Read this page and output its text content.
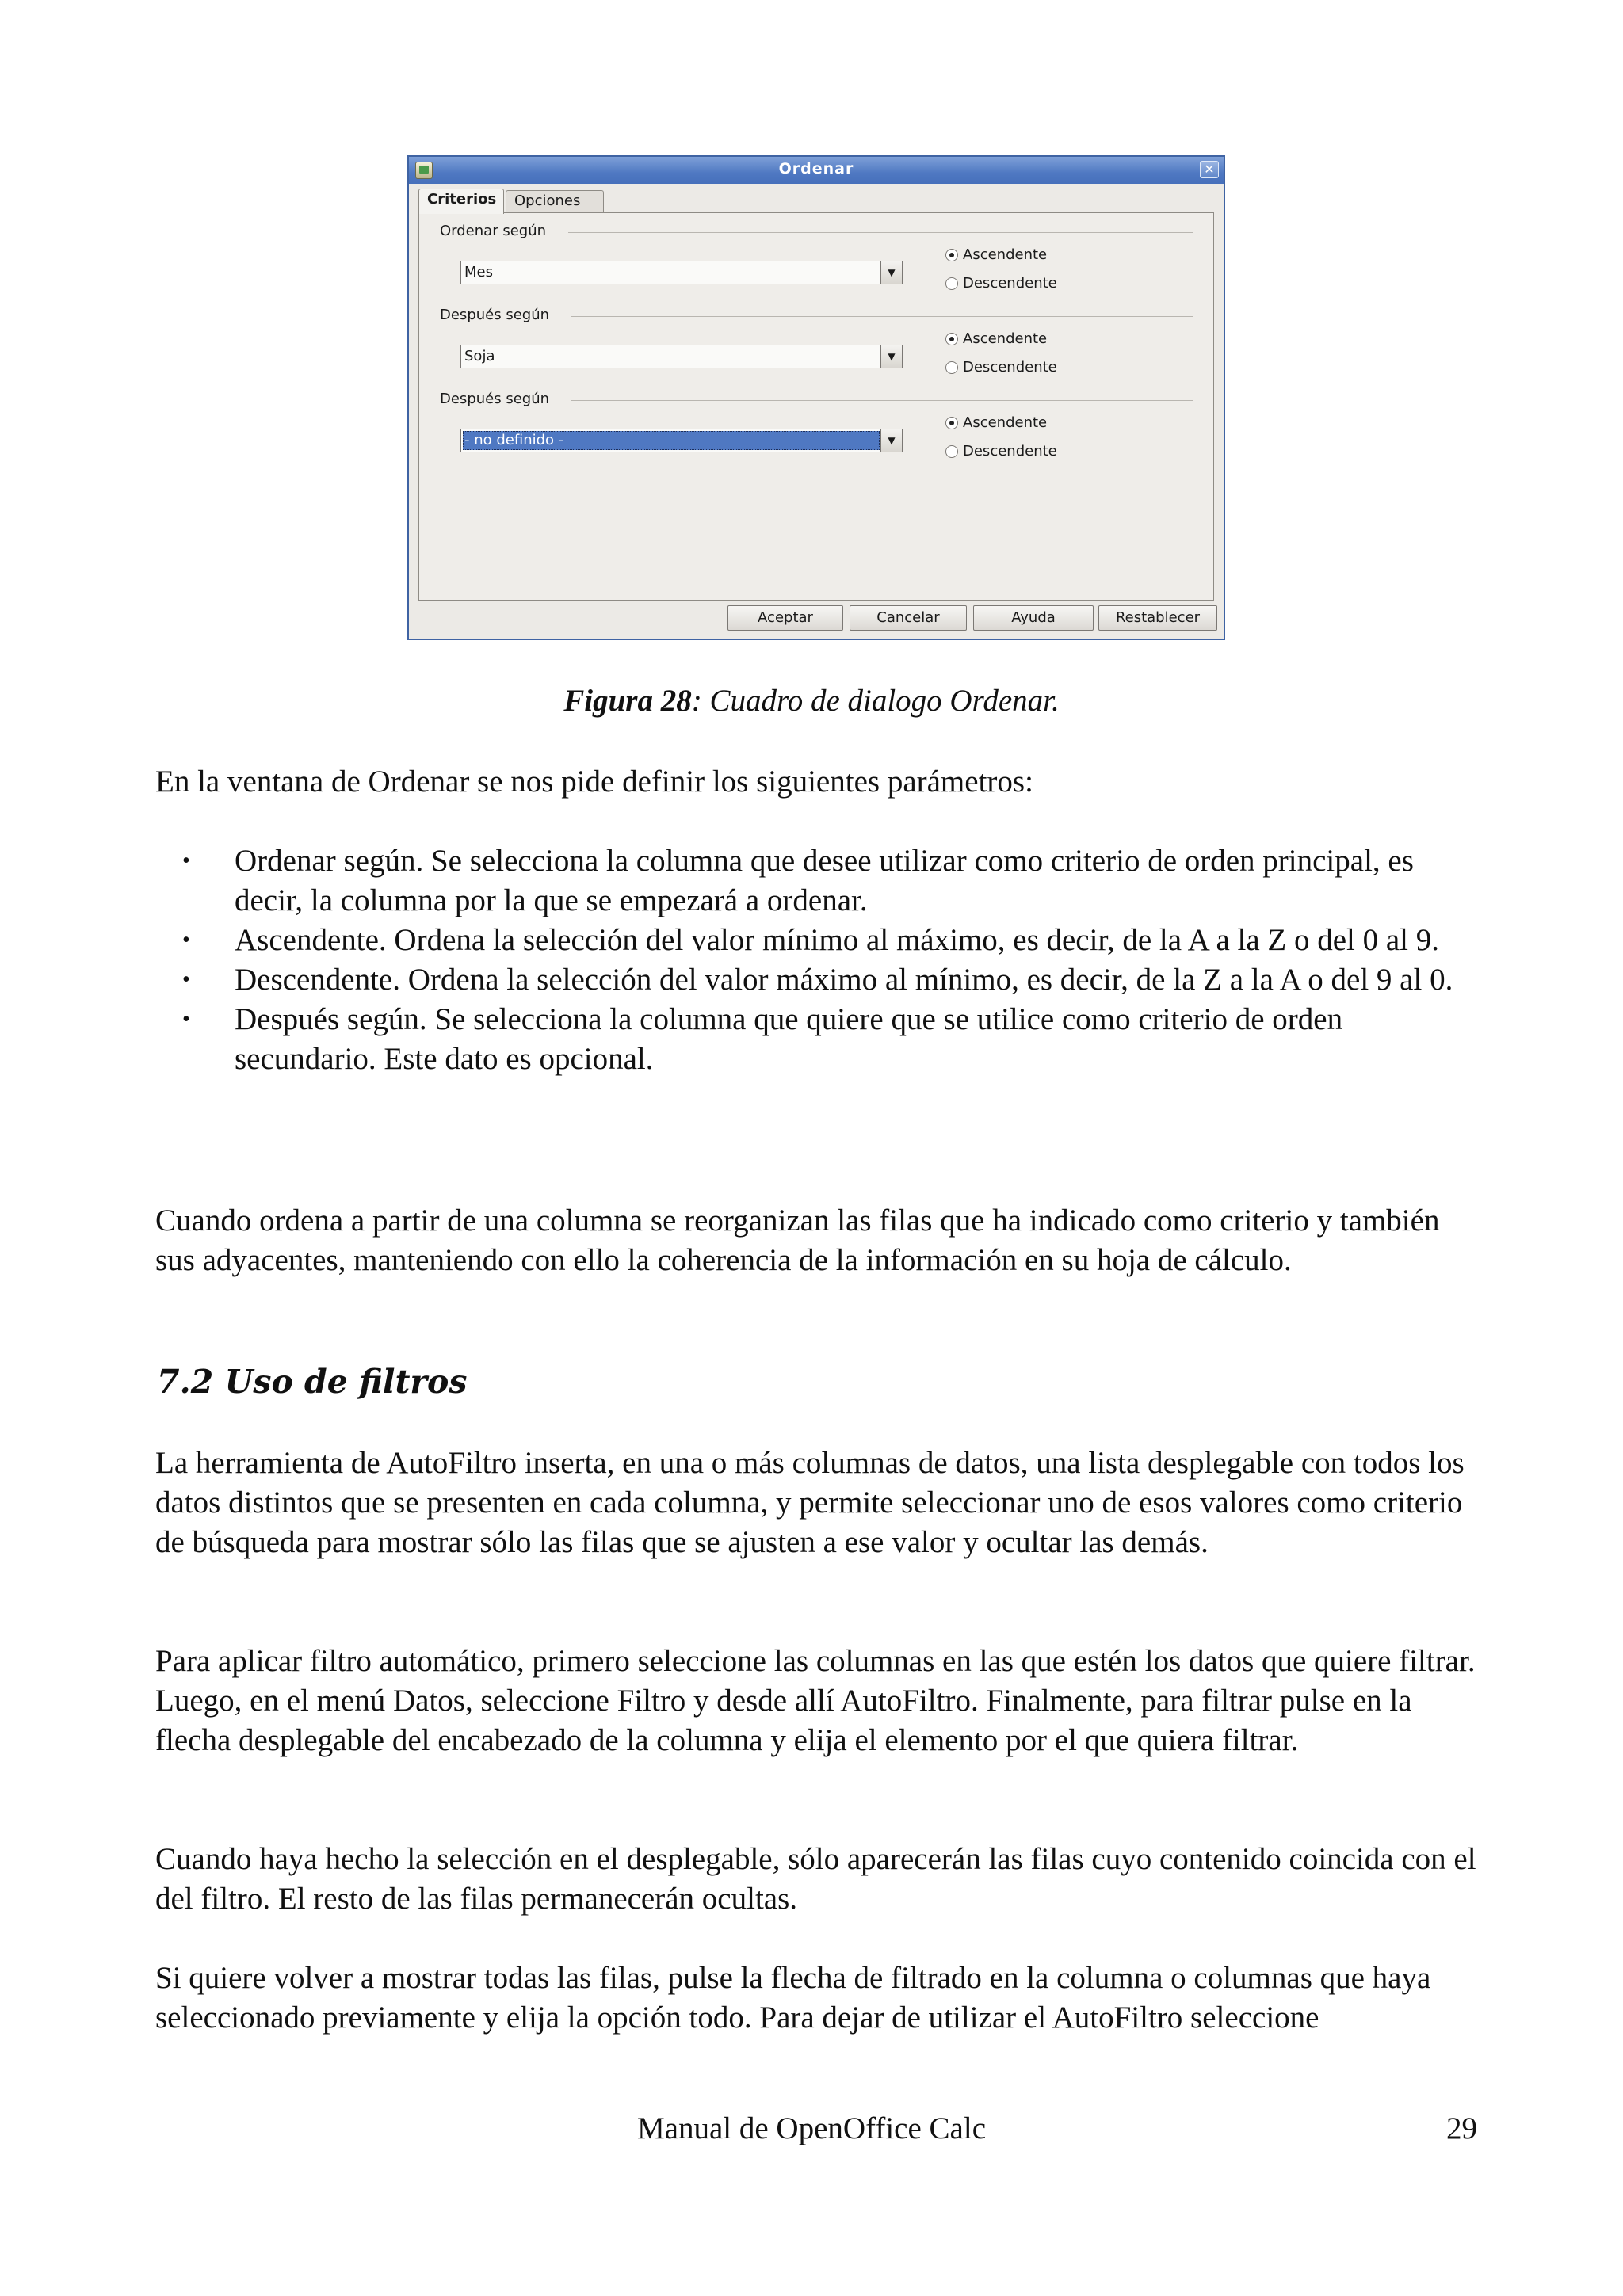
Ordenar	✕
Criterios	Opciones
Ordenar según
Mes	▼
Ascendente
Descendente
Después según
Soja	▼
Ascendente
Descendente
Después según
- no definido -	▼
Ascendente
Descendente
Aceptar	Cancelar	Ayuda	Restablecer
Figura 28: Cuadro de dialogo Ordenar.
En la ventana de Ordenar se nos pide definir los siguientes parámetros:
• Ordenar según. Se selecciona la columna que desee utilizar como criterio de orden principal, es decir, la columna por la que se empezará a ordenar.
• Ascendente. Ordena la selección del valor mínimo al máximo, es decir, de la A a la Z o del 0 al 9.
• Descendente. Ordena la selección del valor máximo al mínimo, es decir, de la Z a la A o del 9 al 0.
• Después según. Se selecciona la columna que quiere que se utilice como criterio de orden secundario. Este dato es opcional.
Cuando ordena a partir de una columna se reorganizan las filas que ha indicado como criterio y también sus adyacentes, manteniendo con ello la coherencia de la información en su hoja de cálculo.
7.2 Uso de filtros
La herramienta de AutoFiltro inserta, en una o más columnas de datos, una lista desplegable con todos los datos distintos que se presenten en cada columna, y permite seleccionar uno de esos valores como criterio de búsqueda para mostrar sólo las filas que se ajusten a ese valor y ocultar las demás.
Para aplicar filtro automático, primero seleccione las columnas en las que estén los datos que quiere filtrar. Luego, en el menú Datos, seleccione Filtro y desde allí AutoFiltro. Finalmente, para filtrar pulse en la flecha desplegable del encabezado de la columna y elija el elemento por el que quiera filtrar.
Cuando haya hecho la selección en el desplegable, sólo aparecerán las filas cuyo contenido coincida con el del filtro. El resto de las filas permanecerán ocultas.
Si quiere volver a mostrar todas las filas, pulse la flecha de filtrado en la columna o columnas que haya seleccionado previamente y elija la opción todo. Para dejar de utilizar el AutoFiltro seleccione
Manual de OpenOffice Calc	29
